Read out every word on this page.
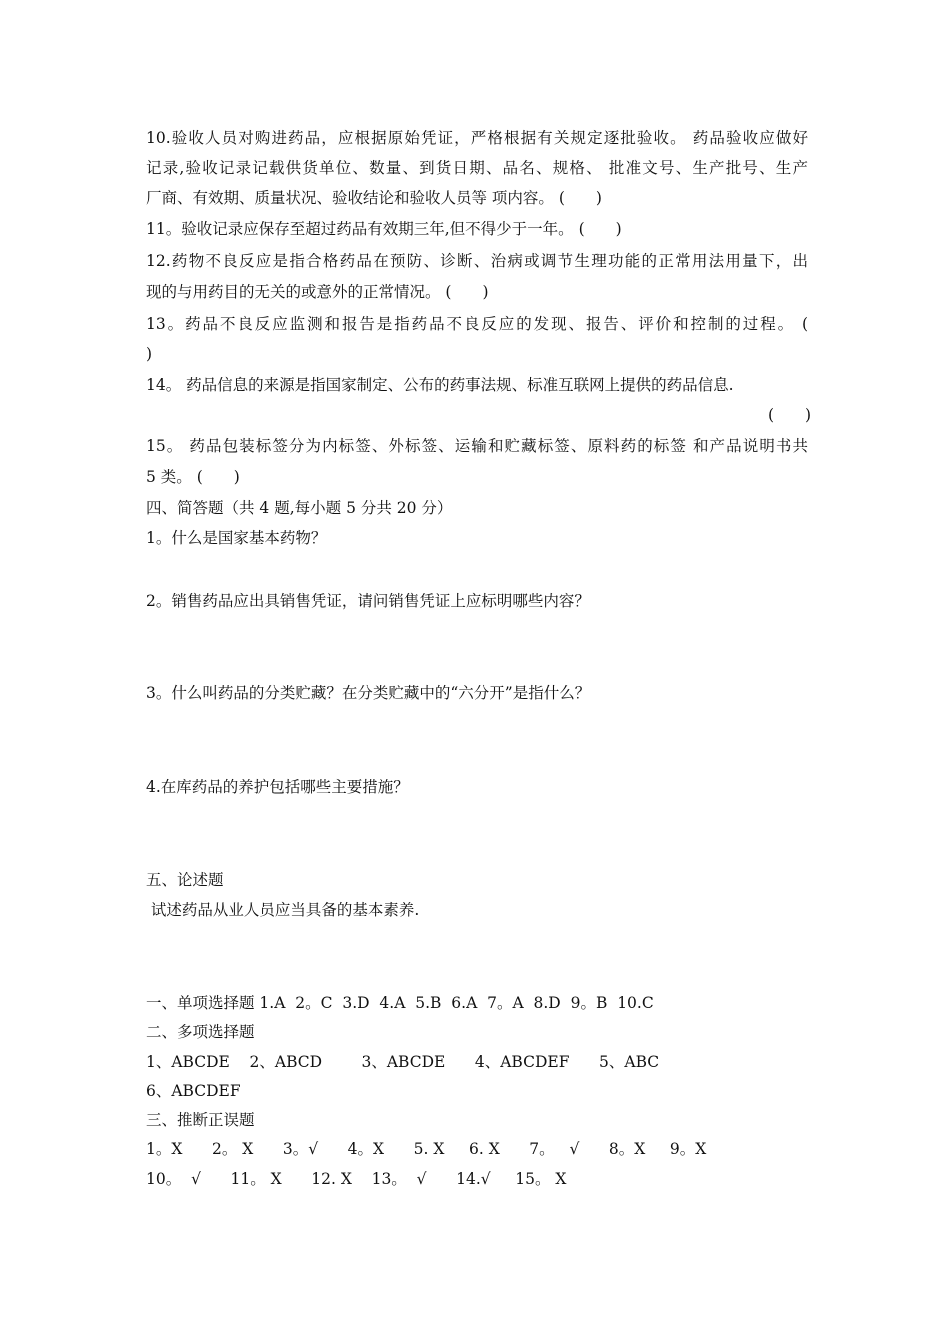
10.验收人员对购进药品，应根据原始凭证，严格根据有关规定逐批验收。 药品验收应做好
记录,验收记录记载供货单位、数量、到货日期、品名、规格、 批准文号、生产批号、生产
厂商、有效期、质量状况、验收结论和验收人员等 项内容。 (　　)
11。验收记录应保存至超过药品有效期三年,但不得少于一年。 (　　)
12.药物不良反应是指合格药品在预防、诊断、治病或调节生理功能的正常用法用量下，出
现的与用药目的无关的或意外的正常情况。 (　　)
13。药品不良反应监测和报告是指药品不良反应的发现、报告、评价和控制的过程。 (
)
14。 药品信息的来源是指国家制定、公布的药事法规、标准互联网上提供的药品信息.
(　　)
15。 药品包装标签分为内标签、外标签、运输和贮藏标签、原料药的标签 和产品说明书共
5 类。 (　　)
四、简答题（共 4 题,每小题 5 分共 20 分）
1。什么是国家基本药物？
2。销售药品应出具销售凭证，请问销售凭证上应标明哪些内容？
3。什么叫药品的分类贮藏？在分类贮藏中的“六分开”是指什么？
4.在库药品的养护包括哪些主要措施？
五、论述题
试述药品从业人员应当具备的基本素养.
一、单项选择题 1.A  2。C  3.D  4.A  5.B  6.A  7。A  8.D  9。B  10.C
二、多项选择题
1、ABCDE    2、ABCD        3、ABCDE      4、ABCDEF      5、ABC
6、ABCDEF
三、推断正误题
1。X      2。 X      3。√      4。X      5. X     6. X      7。   √      8。X     9。X
10。  √      11。 X      12. X    13。  √      14.√     15。 X
